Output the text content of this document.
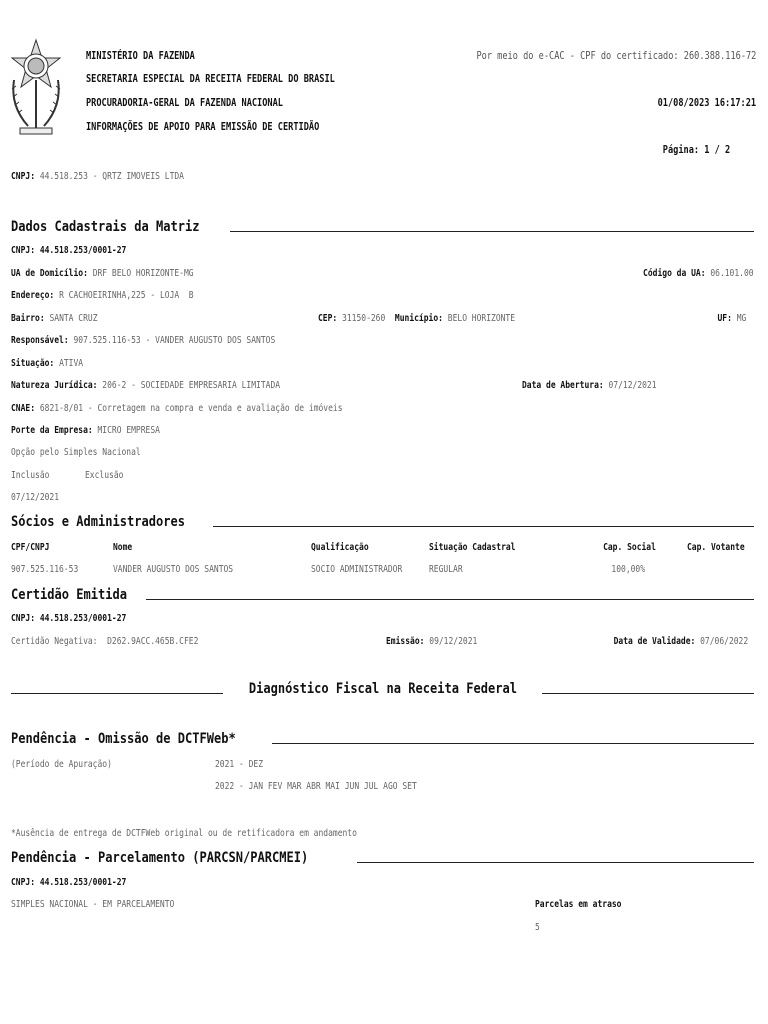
MINISTÉRIO DA FAZENDA
SECRETARIA ESPECIAL DA RECEITA FEDERAL DO BRASIL
PROCURADORIA-GERAL DA FAZENDA NACIONAL
INFORMAÇÕES DE APOIO PARA EMISSÃO DE CERTIDÃO
Por meio do e-CAC - CPF do certificado: 260.388.116-72
01/08/2023 16:17:21
Página: 1 / 2
CNPJ: 44.518.253 - QRTZ IMOVEIS LTDA
Dados Cadastrais da Matriz
CNPJ: 44.518.253/0001-27
UA de Domicílio: DRF BELO HORIZONTE-MG	Código da UA: 06.101.00
Endereço: R CACHOEIRINHA,225 - LOJA  B
Bairro: SANTA CRUZ	CEP: 31150-260 Município: BELO HORIZONTE	UF: MG
Responsável: 907.525.116-53 - VANDER AUGUSTO DOS SANTOS
Situação: ATIVA
Natureza Jurídica: 206-2 - SOCIEDADE EMPRESARIA LIMITADA	Data de Abertura: 07/12/2021
CNAE: 6821-8/01 - Corretagem na compra e venda e avaliação de imóveis
Porte da Empresa: MICRO EMPRESA
Opção pelo Simples Nacional
Inclusão	Exclusão
07/12/2021
Sócios e Administradores
CPF/CNPJ	Nome	Qualificação	Situação Cadastral	Cap. Social	Cap. Votante
907.525.116-53	VANDER AUGUSTO DOS SANTOS	SOCIO ADMINISTRADOR	REGULAR	100,00%
Certidão Emitida
CNPJ: 44.518.253/0001-27
Certidão Negativa:  D262.9ACC.465B.CFE2	Emissão: 09/12/2021	Data de Validade: 07/06/2022
Diagnóstico Fiscal na Receita Federal
Pendência - Omissão de DCTFWeb*
(Período de Apuração)	2021 - DEZ
2022 - JAN FEV MAR ABR MAI JUN JUL AGO SET
*Ausência de entrega de DCTFWeb original ou de retificadora em andamento
Pendência - Parcelamento (PARCSN/PARCMEI)
CNPJ: 44.518.253/0001-27
SIMPLES NACIONAL - EM PARCELAMENTO	Parcelas em atraso
5
